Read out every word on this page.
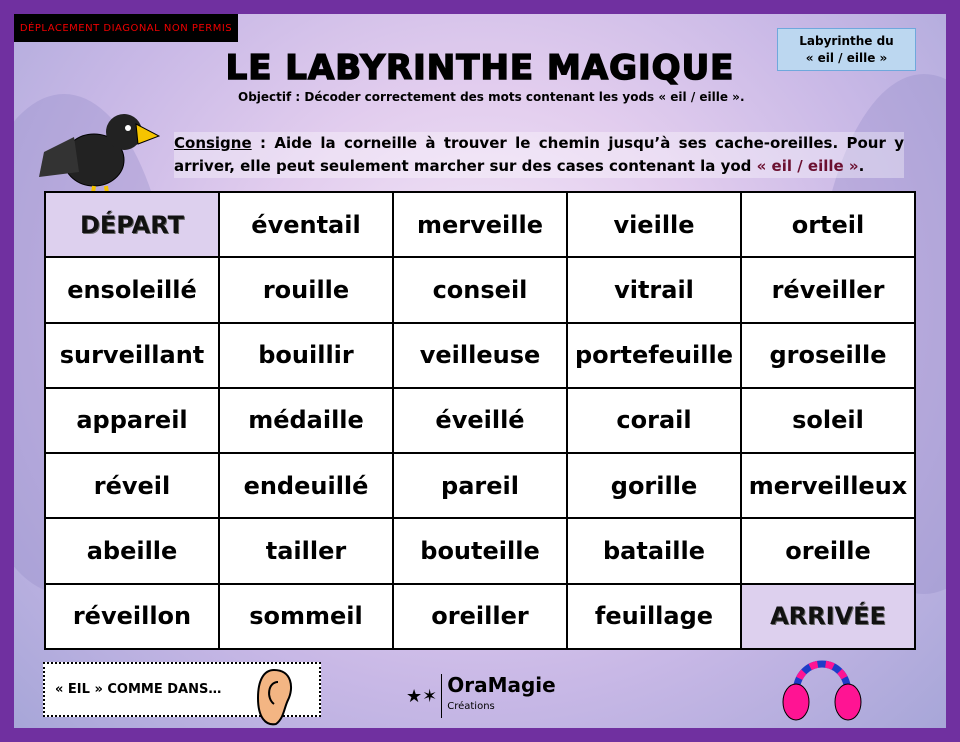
DÉPLACEMENT DIAGONAL NON PERMIS
Labyrinthe du
« eil / eille »
LE LABYRINTHE MAGIQUE
Objectif : Décoder correctement des mots contenant les yods « eil / eille ».
Consigne : Aide la corneille à trouver le chemin jusqu’à ses cache-oreilles. Pour y arriver, elle peut seulement marcher sur des cases contenant la yod « eil / eille ».
DÉPART	éventail	merveille	vieille	orteil
ensoleillé	rouille	conseil	vitrail	réveiller
surveillant	bouillir	veilleuse	portefeuille	groseille
appareil	médaille	éveillé	corail	soleil
réveil	endeuillé	pareil	gorille	merveilleux
abeille	tailler	bouteille	bataille	oreille
réveillon	sommeil	oreiller	feuillage	ARRIVÉE
« EIL » COMME DANS…	★✶ OraMagie
Créations
